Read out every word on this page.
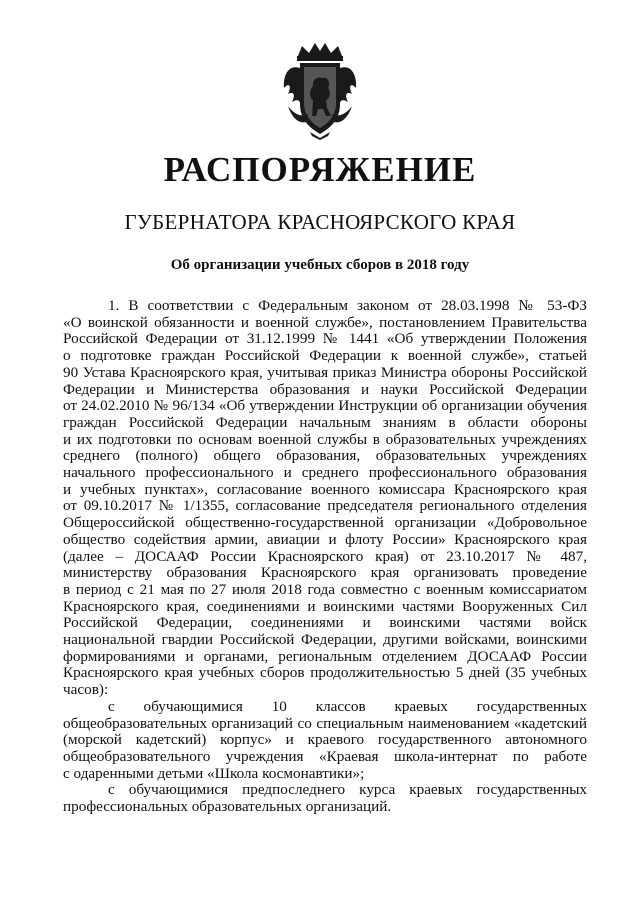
РАСПОРЯЖЕНИЕ
ГУБЕРНАТОРА КРАСНОЯРСКОГО КРАЯ
Об организации учебных сборов в 2018 году
1. В соответствии с Федеральным законом от 28.03.1998 № 53-ФЗ
«О воинской обязанности и военной службе», постановлением Правительства
Российской Федерации от 31.12.1999 № 1441 «Об утверждении Положения
о подготовке граждан Российской Федерации к военной службе», статьей
90 Устава Красноярского края, учитывая приказ Министра обороны Российской
Федерации и Министерства образования и науки Российской Федерации
от 24.02.2010 № 96/134 «Об утверждении Инструкции об организации обучения
граждан Российской Федерации начальным знаниям в области обороны
и их подготовки по основам военной службы в образовательных учреждениях
среднего (полного) общего образования, образовательных учреждениях
начального профессионального и среднего профессионального образования
и учебных пунктах», согласование военного комиссара Красноярского края
от 09.10.2017 № 1/1355, согласование председателя регионального отделения
Общероссийской общественно-государственной организации «Добровольное
общество содействия армии, авиации и флоту России» Красноярского края
(далее – ДОСААФ России Красноярского края) от 23.10.2017 № 487,
министерству образования Красноярского края организовать проведение
в период с 21 мая по 27 июля 2018 года совместно с военным комиссариатом
Красноярского края, соединениями и воинскими частями Вооруженных Сил
Российской Федерации, соединениями и воинскими частями войск
национальной гвардии Российской Федерации, другими войсками, воинскими
формированиями и органами, региональным отделением ДОСААФ России
Красноярского края учебных сборов продолжительностью 5 дней (35 учебных
часов):
с обучающимися 10 классов краевых государственных
общеобразовательных организаций со специальным наименованием «кадетский
(морской кадетский) корпус» и краевого государственного автономного
общеобразовательного учреждения «Краевая школа-интернат по работе
с одаренными детьми «Школа космонавтики»;
с обучающимися предпоследнего курса краевых государственных
профессиональных образовательных организаций.
